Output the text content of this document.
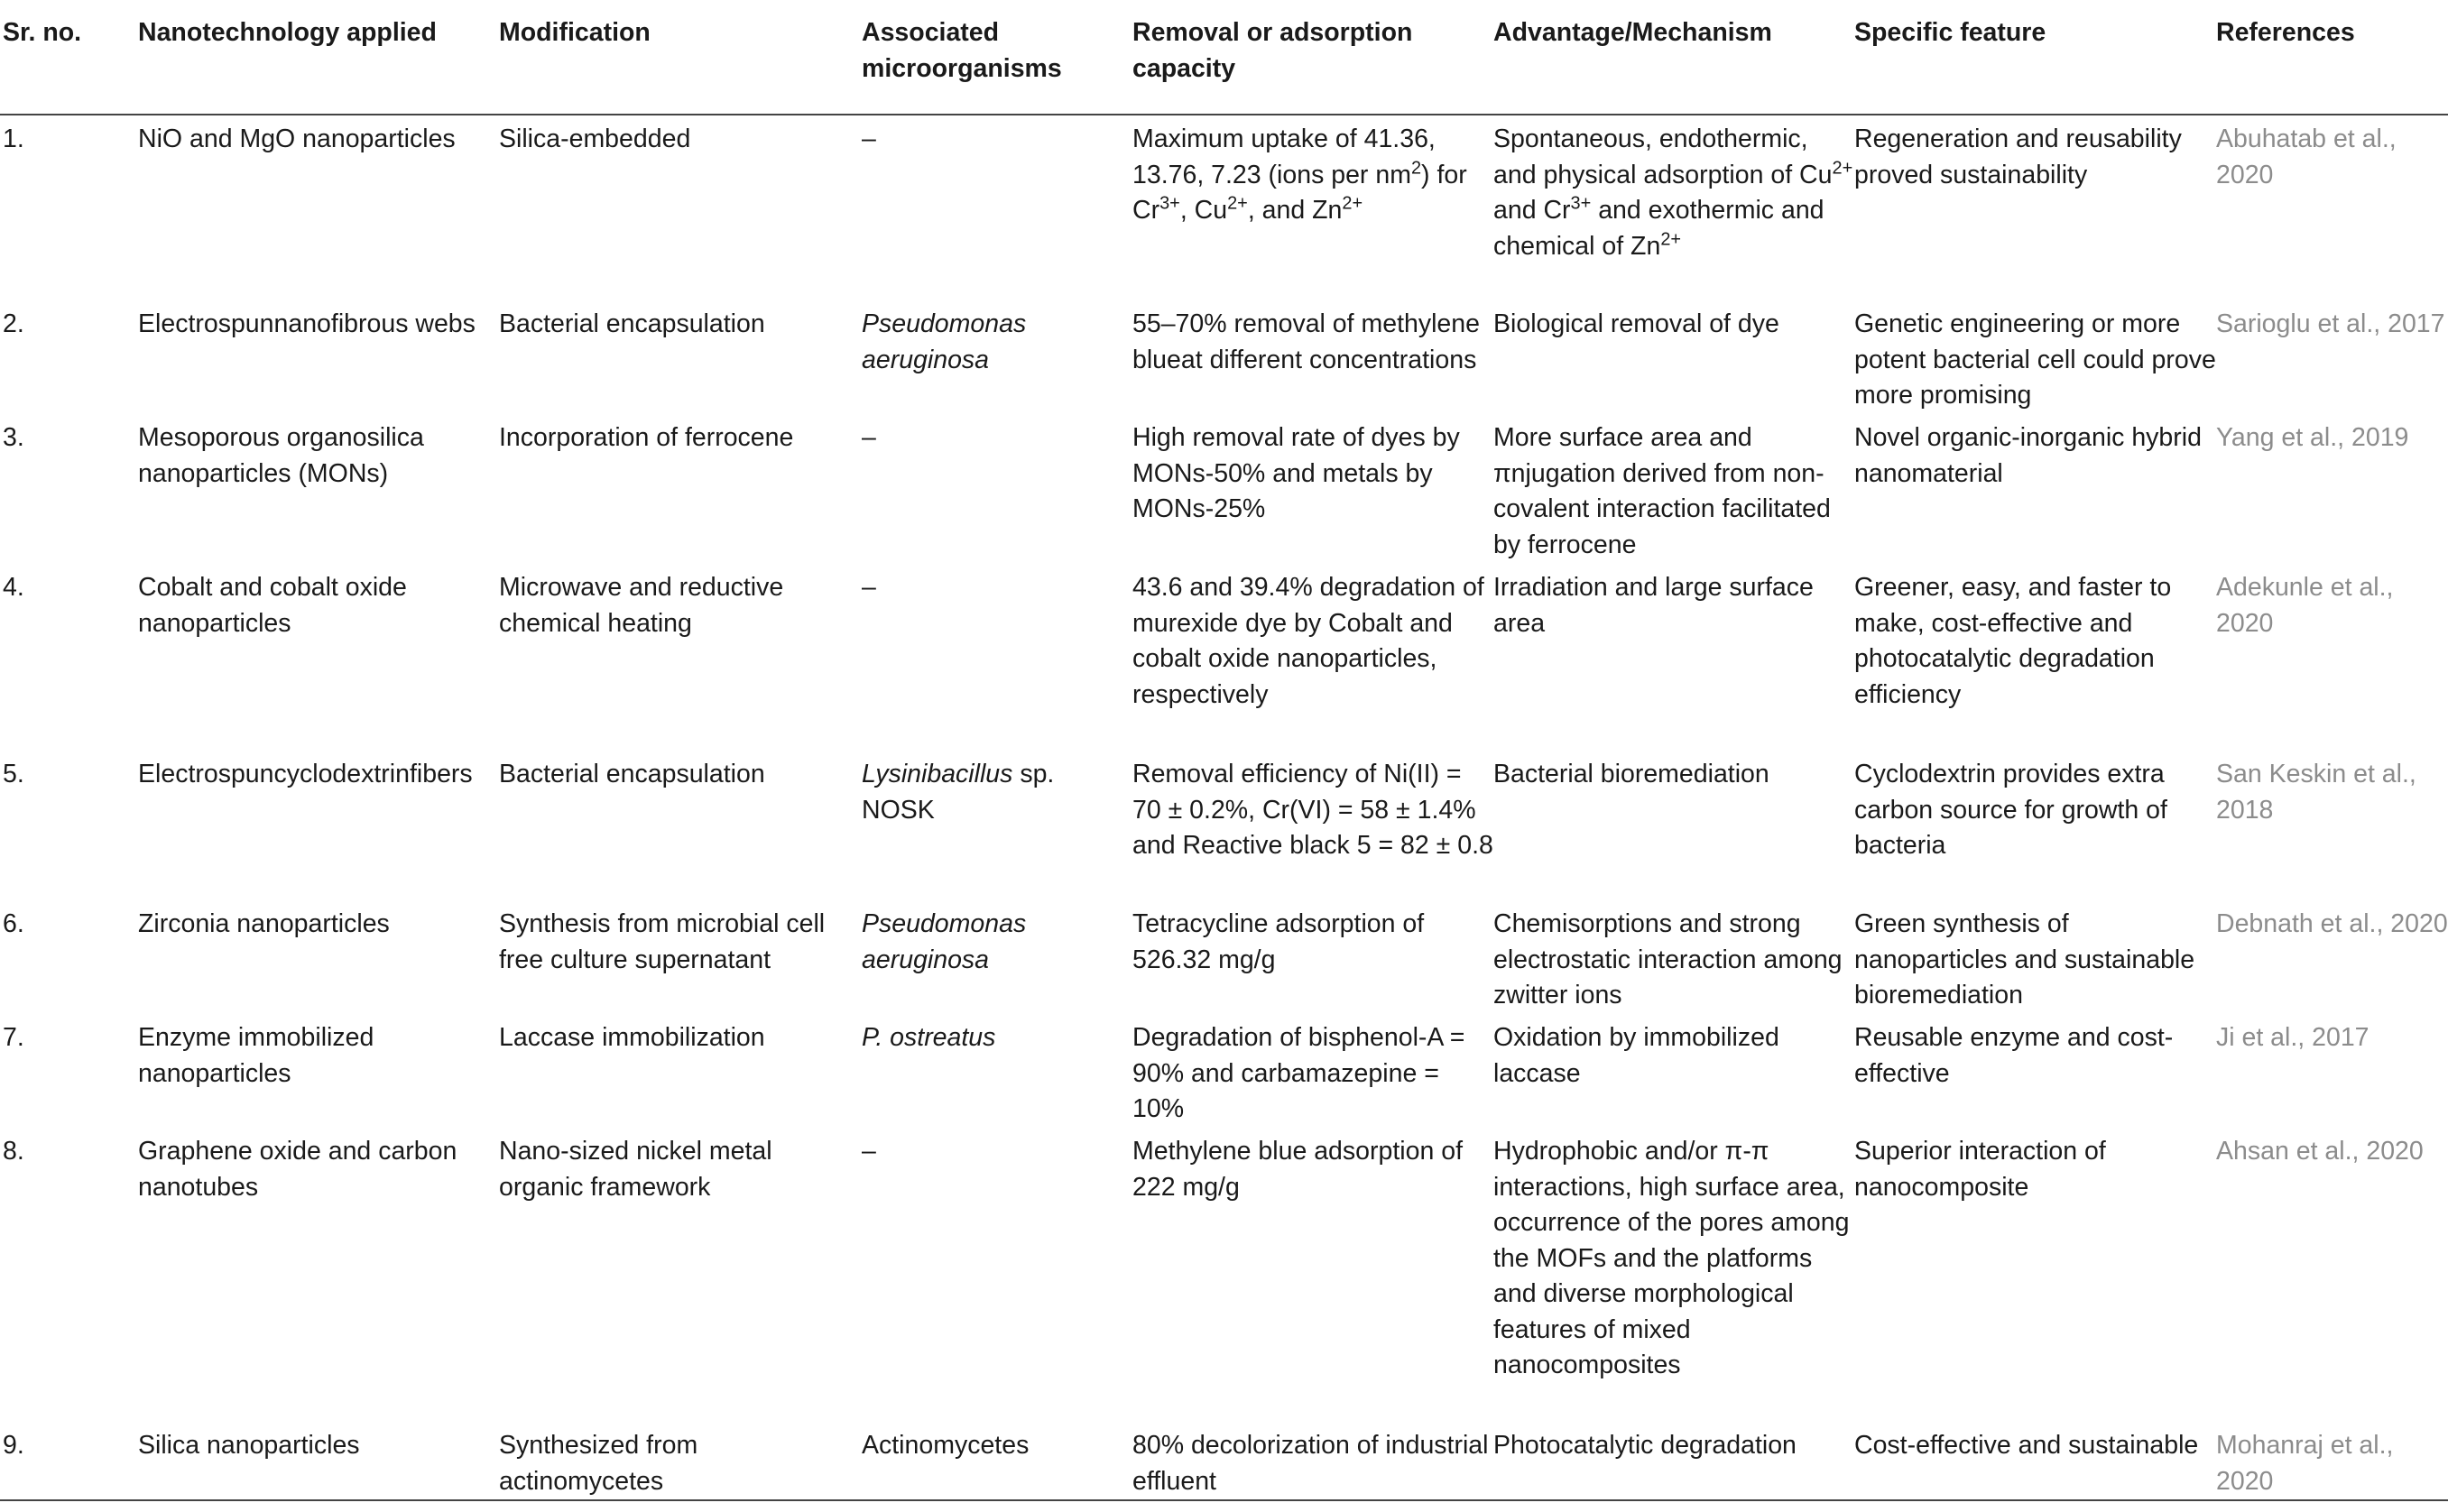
Sr. no.	Nanotechnology applied	Modification	Associated microorganisms	Removal or adsorption capacity	Advantage/Mechanism	Specific feature	References
1.	NiO and MgO nanoparticles	Silica-embedded	–	Maximum uptake of 41.36, 13.76, 7.23 (ions per $nm^2$) for $Cr^{3+}$, $Cu^{2+}$, and $Zn^{2+}$	Spontaneous, endothermic, and physical adsorption of $Cu^{2+}$ and $Cr^{3+}$ and exothermic and chemical of $Zn^{2+}$	Regeneration and reusability proved sustainability	Abuhatab et al., 2020
2.	Electrospunnanofibrous webs	Bacterial encapsulation	Pseudomonas aeruginosa	55–70% removal of methylene blueat different concentrations	Biological removal of dye	Genetic engineering or more potent bacterial cell could prove more promising	Sarioglu et al., 2017
3.	Mesoporous organosilica nanoparticles (MONs)	Incorporation of ferrocene	–	High removal rate of dyes by MONs-50% and metals by MONs-25%	More surface area and πnjugation derived from non-covalent interaction facilitated by ferrocene	Novel organic-inorganic hybrid nanomaterial	Yang et al., 2019
4.	Cobalt and cobalt oxide nanoparticles	Microwave and reductive chemical heating	–	43.6 and 39.4% degradation of murexide dye by Cobalt and cobalt oxide nanoparticles, respectively	Irradiation and large surface area	Greener, easy, and faster to make, cost-effective and photocatalytic degradation efficiency	Adekunle et al., 2020
5.	Electrospuncyclodextrinfibers	Bacterial encapsulation	Lysinibacillus sp. NOSK	Removal efficiency of Ni(II) = 70 ± 0.2%, Cr(VI) = 58 ± 1.4% and Reactive black 5 = 82 ± 0.8	Bacterial bioremediation	Cyclodextrin provides extra carbon source for growth of bacteria	San Keskin et al., 2018
6.	Zirconia nanoparticles	Synthesis from microbial cell free culture supernatant	Pseudomonas aeruginosa	Tetracycline adsorption of 526.32 mg/g	Chemisorptions and strong electrostatic interaction among zwitter ions	Green synthesis of nanoparticles and sustainable bioremediation	Debnath et al., 2020
7.	Enzyme immobilized nanoparticles	Laccase immobilization	P. ostreatus	Degradation of bisphenol-A = 90% and carbamazepine = 10%	Oxidation by immobilized laccase	Reusable enzyme and cost-effective	Ji et al., 2017
8.	Graphene oxide and carbon nanotubes	Nano-sized nickel metal organic framework	–	Methylene blue adsorption of 222 mg/g	Hydrophobic and/or π-π interactions, high surface area, occurrence of the pores among the MOFs and the platforms and diverse morphological features of mixed nanocomposites	Superior interaction of nanocomposite	Ahsan et al., 2020
9.	Silica nanoparticles	Synthesized from actinomycetes	Actinomycetes	80% decolorization of industrial effluent	Photocatalytic degradation	Cost-effective and sustainable	Mohanraj et al., 2020
